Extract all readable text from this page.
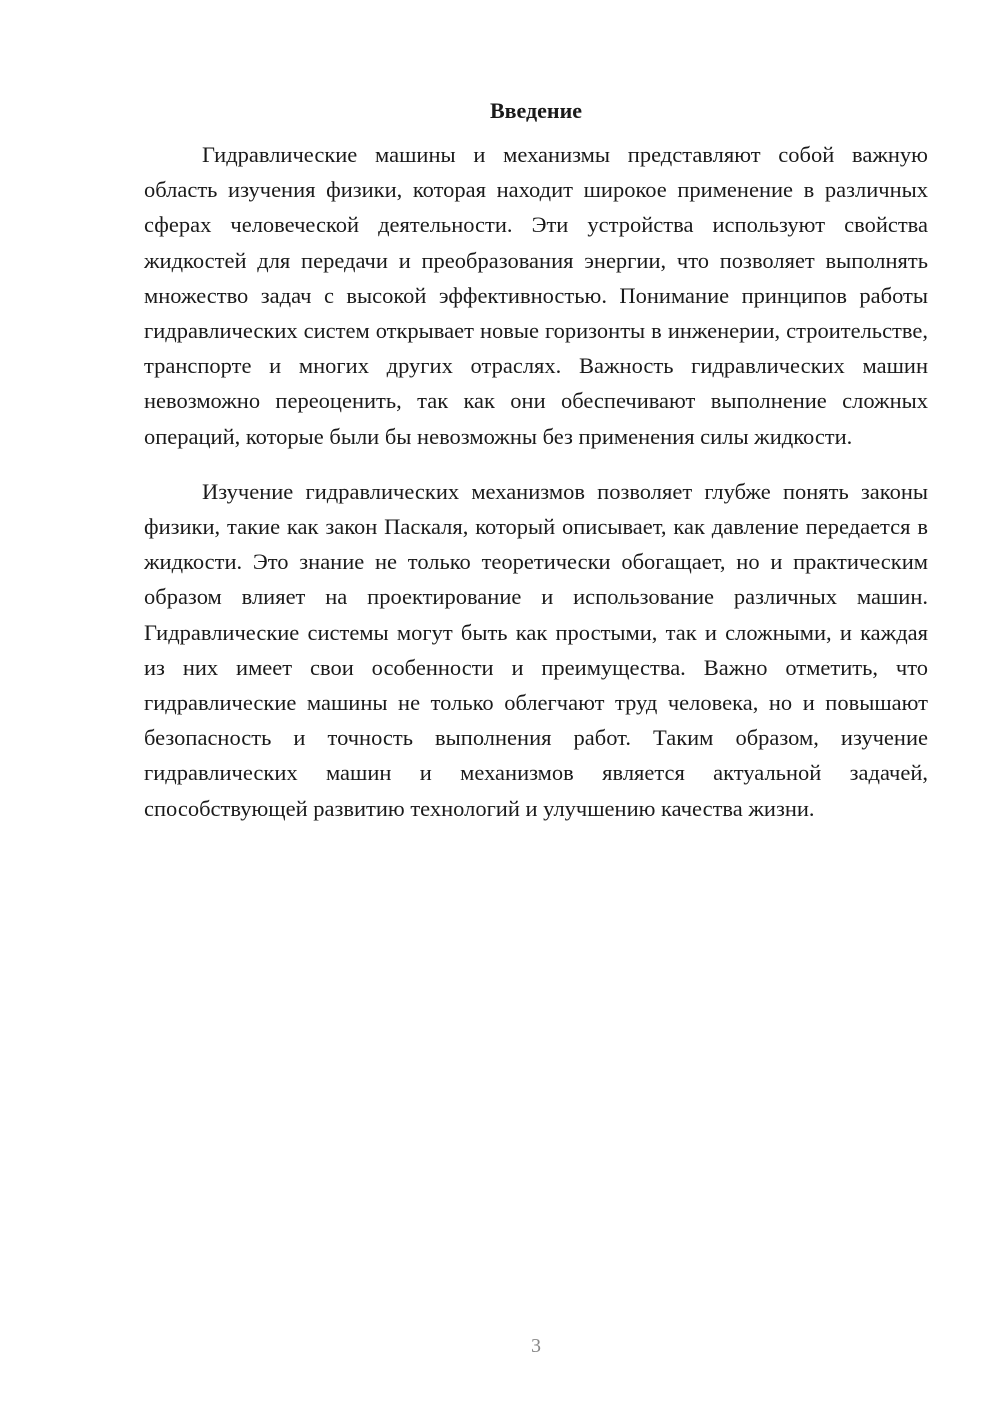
Введение

Гидравлические машины и механизмы представляют собой важную область изучения физики, которая находит широкое применение в различных сферах человеческой деятельности. Эти устройства используют свойства жидкостей для передачи и преобразования энергии, что позволяет выполнять множество задач с высокой эффективностью. Понимание принципов работы гидравлических систем открывает новые горизонты в инженерии, строительстве, транспорте и многих других отраслях. Важность гидравлических машин невозможно переоценить, так как они обеспечивают выполнение сложных операций, которые были бы невозможны без применения силы жидкости.

Изучение гидравлических механизмов позволяет глубже понять законы физики, такие как закон Паскаля, который описывает, как давление передается в жидкости. Это знание не только теоретически обогащает, но и практическим образом влияет на проектирование и использование различных машин. Гидравлические системы могут быть как простыми, так и сложными, и каждая из них имеет свои особенности и преимущества. Важно отметить, что гидравлические машины не только облегчают труд человека, но и повышают безопасность и точность выполнения работ. Таким образом, изучение гидравлических машин и механизмов является актуальной задачей, способствующей развитию технологий и улучшению качества жизни.

3
